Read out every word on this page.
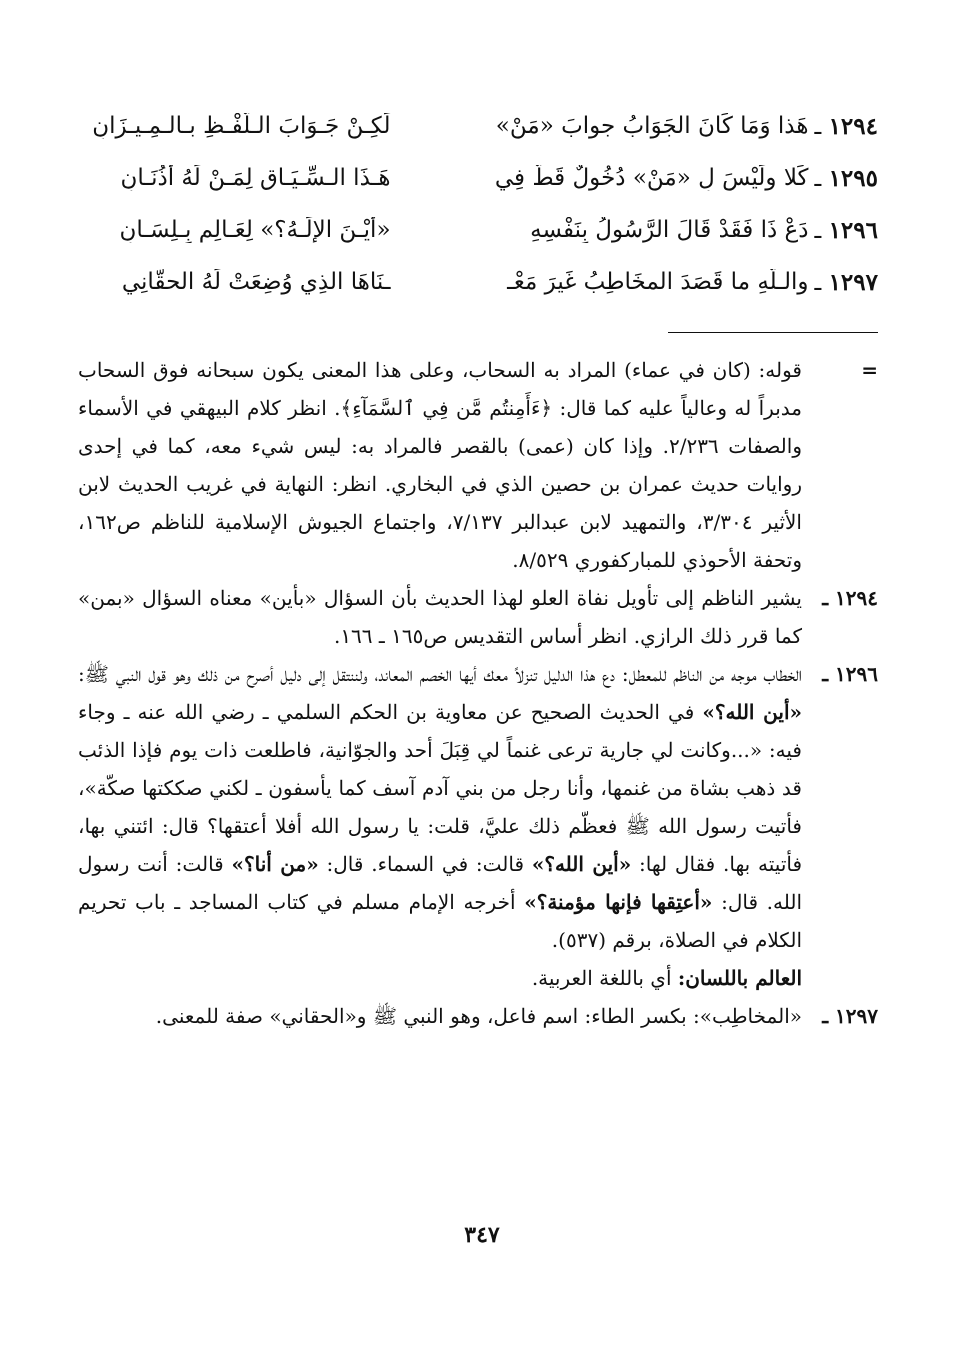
١٢٩٤ ـ
هَذا وَمَا كَانَ الجَوَابُ جوابَ «مَنْ»
لَكِـنْ جَـوَابَ الـلَّفْـظِ بـالـمِـيـزَانِ
١٢٩٥ ـ
كَلا ولَيْسَ لِ «مَنْ» دُخُولٌ قَطُّ فِي
هَـذَا الـسِّـيَـاقِ لِمَـنْ لَهُ أُذُنَـانِ
١٢٩٦ ـ
دَعْ ذَا فَقَدْ قَالَ الرَّسُولُ بِنَفْسِهِ
«أَيْـنَ الإِلَـهُ؟» لِعَـالِمٍ بِـلِسَـانِ
١٢٩٧ ـ
والـلّهِ ما قَصَدَ المخَاطِبُ غَيرَ مَعْـ
ـنَاهَا الذِي وُضِعَتْ لَهُ الحقَّانِي
=

قوله: (كان في عماء) المراد به السحاب، وعلى هذا المعنى يكون سبحانه فوق السحاب مدبراً له وعالياً عليه كما قال: ﴿ءَأَمِنتُم مَّن فِي ٱلسَّمَآءِ﴾. انظر كلام البيهقي في الأسماء والصفات ٢/٢٣٦. وإذا كان (عمى) بالقصر فالمراد به: ليس شيء معه، كما في إحدى روايات حديث عمران بن حصين الذي في البخاري. انظر: النهاية في غريب الحديث لابن الأثير ٣/٣٠٤، والتمهيد لابن عبدالبر ٧/١٣٧، واجتماع الجيوش الإسلامية للناظم ص١٦٢، وتحفة الأحوذي للمباركفوري ٨/٥٢٩.

١٢٩٤ ـ

يشير الناظم إلى تأويل نفاة العلو لهذا الحديث بأن السؤال «بأين» معناه السؤال «بمن» كما قرر ذلك الرازي. انظر أساس التقديس ص١٦٥ ـ ١٦٦.

١٢٩٦ ـ

الخطاب موجه من الناظم للمعطل: دع هذا الدليل تنزلاً معك أيها الخصم المعاند، ولننتقل إلى دليل أصرح من ذلك وهو قول النبي ﷺ: «أين الله؟» في الحديث الصحيح عن معاوية بن الحكم السلمي ـ رضي الله عنه ـ وجاء فيه: «...وكانت لي جارية ترعى غنماً لي قِبَلَ أحد والجوّانية، فاطلعت ذات يوم فإذا الذئب قد ذهب بشاة من غنمها، وأنا رجل من بني آدم آسف كما يأسفون ـ لكني صككتها صكّة»، فأتيت رسول الله ﷺ فعظّم ذلك عليَّ، قلت: يا رسول الله أفلا أعتقها؟ قال: ائتني بها، فأتيته بها. فقال لها: «أين الله؟» قالت: في السماء. قال: «من أنا؟» قالت: أنت رسول الله. قال: «أعتِقها فإنها مؤمنة؟» أخرجه الإمام مسلم في كتاب المساجد ـ باب تحريم الكلام في الصلاة، برقم (٥٣٧).

العالم باللسان: أي باللغة العربية.

١٢٩٧ ـ

«المخاطِب»: بكسر الطاء: اسم فاعل، وهو النبي ﷺ و«الحقاني» صفة للمعنى.

٣٤٧
